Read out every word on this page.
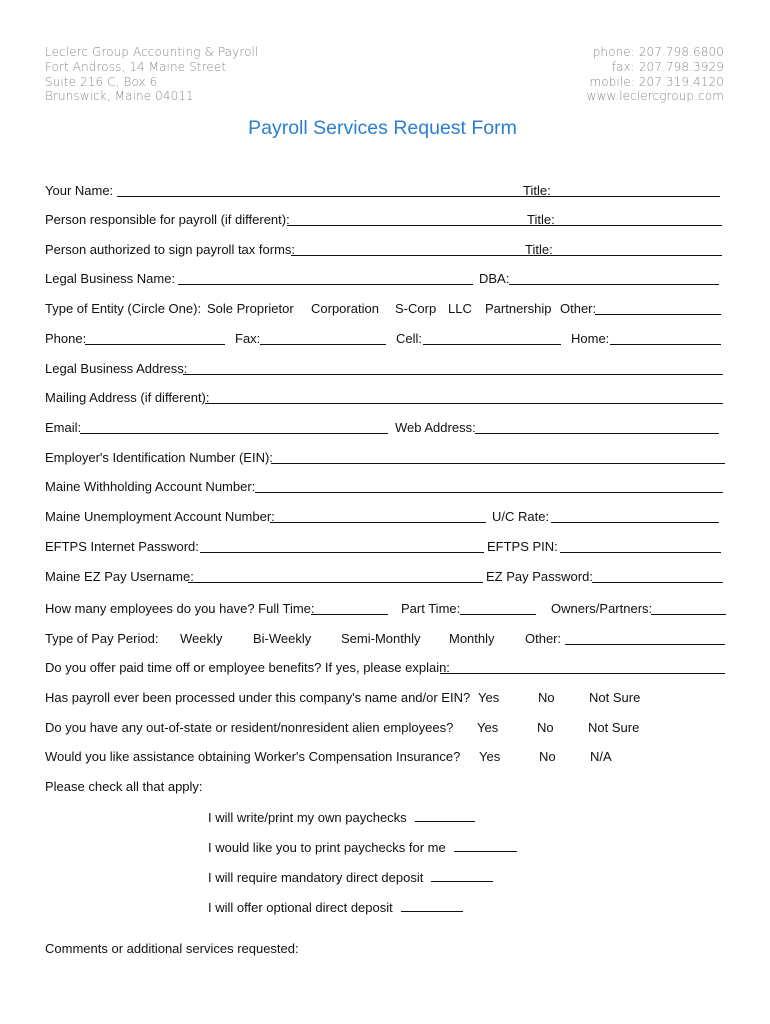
Leclerc Group Accounting & Payroll
Fort Andross, 14 Maine Street
Suite 216 C, Box 6
Brunswick, Maine 04011
phone: 207.798.6800
fax: 207.798.3929
mobile: 207.319.4120
www.leclercgroup.com
Payroll Services Request Form
Your Name:	Title:
Person responsible for payroll (if different):	Title:
Person authorized to sign payroll tax forms:	Title:
Legal Business Name:	DBA:
Type of Entity (Circle One): Sole Proprietor Corporation S-Corp LLC Partnership Other:
Phone:	Fax:	Cell:	Home:
Legal Business Address:
Mailing Address (if different):
Email:	Web Address:
Employer's Identification Number (EIN):
Maine Withholding Account Number:
Maine Unemployment Account Number:	U/C Rate:
EFTPS Internet Password:	EFTPS PIN:
Maine EZ Pay Username:	EZ Pay Password:
How many employees do you have? Full Time:	Part Time:	Owners/Partners:
Type of Pay Period: Weekly Bi-Weekly Semi-Monthly Monthly Other:
Do you offer paid time off or employee benefits? If yes, please explain:
Has payroll ever been processed under this company's name and/or EIN? Yes	No	Not Sure
Do you have any out-of-state or resident/nonresident alien employees? Yes	No	Not Sure
Would you like assistance obtaining Worker's Compensation Insurance? Yes	No	N/A
Please check all that apply:
I will write/print my own paychecks
I would like you to print paychecks for me
I will require mandatory direct deposit
I will offer optional direct deposit
Comments or additional services requested:
